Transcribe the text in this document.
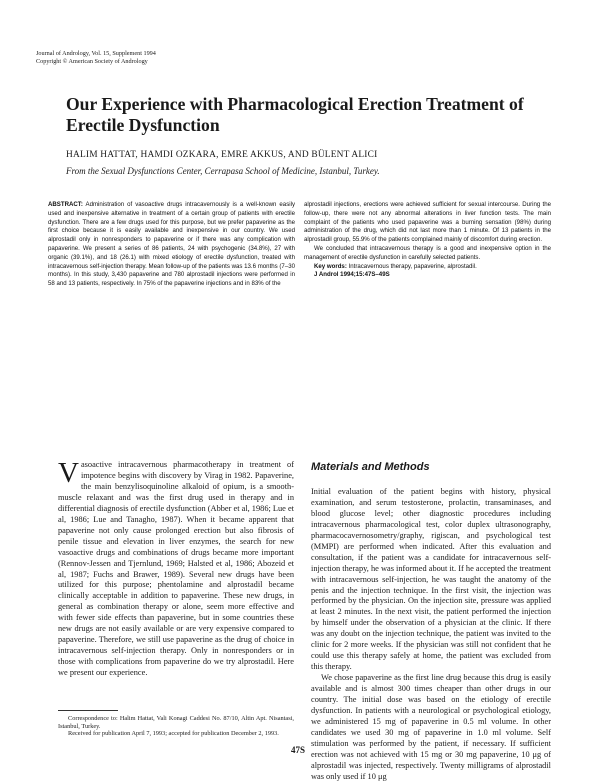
Journal of Andrology, Vol. 15, Supplement 1994
Copyright © American Society of Andrology
Our Experience with Pharmacological Erection Treatment of Erectile Dysfunction
HALIM HATTAT, HAMDI OZKARA, EMRE AKKUS, AND BÜLENT ALICI
From the Sexual Dysfunctions Center, Cerrapasa School of Medicine, Istanbul, Turkey.
ABSTRACT: Administration of vasoactive drugs intracavernously is a well-known easily used and inexpensive alternative in treatment of a certain group of patients with erectile dysfunction. There are a few drugs used for this purpose, but we prefer papaverine as the first choice because it is easily available and inexpensive in our country. We used alprostadil only in nonresponders to papaverine or if there was any complication with papaverine. We present a series of 86 patients, 24 with psychogenic (34.8%), 27 with organic (39.1%), and 18 (26.1) with mixed etiology of erectile dysfunction, treated with intracavernous self-injection therapy. Mean follow-up of the patients was 13.6 months (7–30 months). In this study, 3,430 papaverine and 780 alprostadil injections were performed in 58 and 13 patients, respectively. In 75% of the papaverine injections and in 83% of the

alprostadil injections, erections were achieved sufficient for sexual intercourse. During the follow-up, there were not any abnormal alterations in liver function tests. The main complaint of the patients who used papaverine was a burning sensation (98%) during administration of the drug, which did not last more than 1 minute. Of 13 patients in the alprostadil group, 55.9% of the patients complained mainly of discomfort during erection.

We concluded that intracavernous therapy is a good and inexpensive option in the management of erectile dysfunction in carefully selected patients.

Key words: Intracavernous therapy, papaverine, alprostadil.

J Androl 1994;15:47S–49S

Vasoactive intracavernous pharmacotherapy in treatment of impotence begins with discovery by Virag in 1982. Papaverine, the main benzylisoquinoline alkaloid of opium, is a smooth-muscle relaxant and was the first drug used in therapy and in differential diagnosis of erectile dysfunction (Abber et al, 1986; Lue et al, 1986; Lue and Tanagho, 1987). When it became apparent that papaverine not only cause prolonged erection but also fibrosis of penile tissue and elevation in liver enzymes, the search for new vasoactive drugs and combinations of drugs became more important (Rennov-Jessen and Tjernlund, 1969; Halsted et al, 1986; Abozeid et al, 1987; Fuchs and Brawer, 1989). Several new drugs have been utilized for this purpose; phentolamine and alprostadil became clinically acceptable in addition to papaverine. These new drugs, in general as combination therapy or alone, seem more effective and with fewer side effects than papaverine, but in some countries these new drugs are not easily available or are very expensive compared to papaverine. Therefore, we still use papaverine as the drug of choice in intracavernous self-injection therapy. Only in nonresponders or in those with complications from papaverine do we try alprostadil. Here we present our experience.
Materials and Methods

Initial evaluation of the patient begins with history, physical examination, and serum testosterone, prolactin, transaminases, and blood glucose level; other diagnostic procedures including intracavernous pharmacological test, color duplex ultrasonography, pharmacocavernosometry/graphy, rigiscan, and psychological test (MMPI) are performed when indicated. After this evaluation and consultation, if the patient was a candidate for intracavernous self-injection therapy, he was informed about it. If he accepted the treatment with intracavernous self-injection, he was taught the anatomy of the penis and the injection technique. In the first visit, the injection was performed by the physician. On the injection site, pressure was applied at least 2 minutes. In the next visit, the patient performed the injection by himself under the observation of a physician at the clinic. If there was any doubt on the injection technique, the patient was invited to the clinic for 2 more weeks. If the physician was still not confident that he could use this therapy safely at home, the patient was excluded from this therapy.

We chose papaverine as the first line drug because this drug is easily available and is almost 300 times cheaper than other drugs in our country. The initial dose was based on the etiology of erectile dysfunction. In patients with a neurological or psychological etiology, we administered 15 mg of papaverine in 0.5 ml volume. In other candidates we used 30 mg of papaverine in 1.0 ml volume. Self stimulation was performed by the patient, if necessary. If sufficient erection was not achieved with 15 mg or 30 mg papaverine, 10 μg of alprostadil was injected, respectively. Twenty milligrams of alprostadil was only used if 10 μg

Correspondence to: Halim Hattat, Vali Konagi Caddesi No. 87/10, Altin Apt. Nisantasi, Istanbul, Turkey.

Received for publication April 7, 1993; accepted for publication December 2, 1993.

47S
